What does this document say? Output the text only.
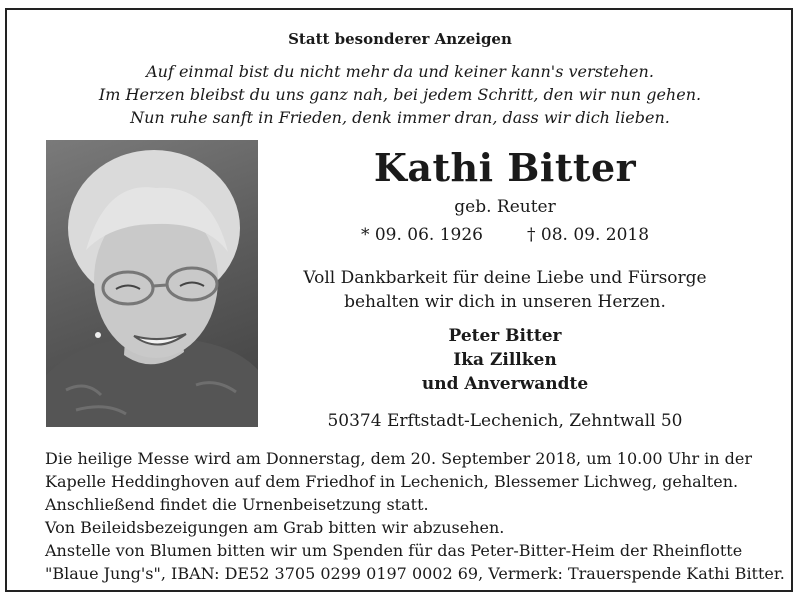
Statt besonderer Anzeigen
Auf einmal bist du nicht mehr da und keiner kann's verstehen.
Im Herzen bleibst du uns ganz nah, bei jedem Schritt, den wir nun gehen.
Nun ruhe sanft in Frieden, denk immer dran, dass wir dich lieben.
Kathi Bitter
geb. Reuter
* 09. 06. 1926	† 08. 09. 2018
Voll Dankbarkeit für deine Liebe und Fürsorge
behalten wir dich in unseren Herzen.
Peter Bitter
Ika Zillken
und Anverwandte
50374 Erftstadt-Lechenich, Zehntwall 50
Die heilige Messe wird am Donnerstag, dem 20. September 2018, um 10.00 Uhr in der
Kapelle Heddinghoven auf dem Friedhof in Lechenich, Blessemer Lichweg, gehalten.
Anschließend findet die Urnenbeisetzung statt.
Von Beileidsbezeigungen am Grab bitten wir abzusehen.
Anstelle von Blumen bitten wir um Spenden für das Peter-Bitter-Heim der Rheinflotte
"Blaue Jung's", IBAN: DE52 3705 0299 0197 0002 69, Vermerk: Trauerspende Kathi Bitter.
